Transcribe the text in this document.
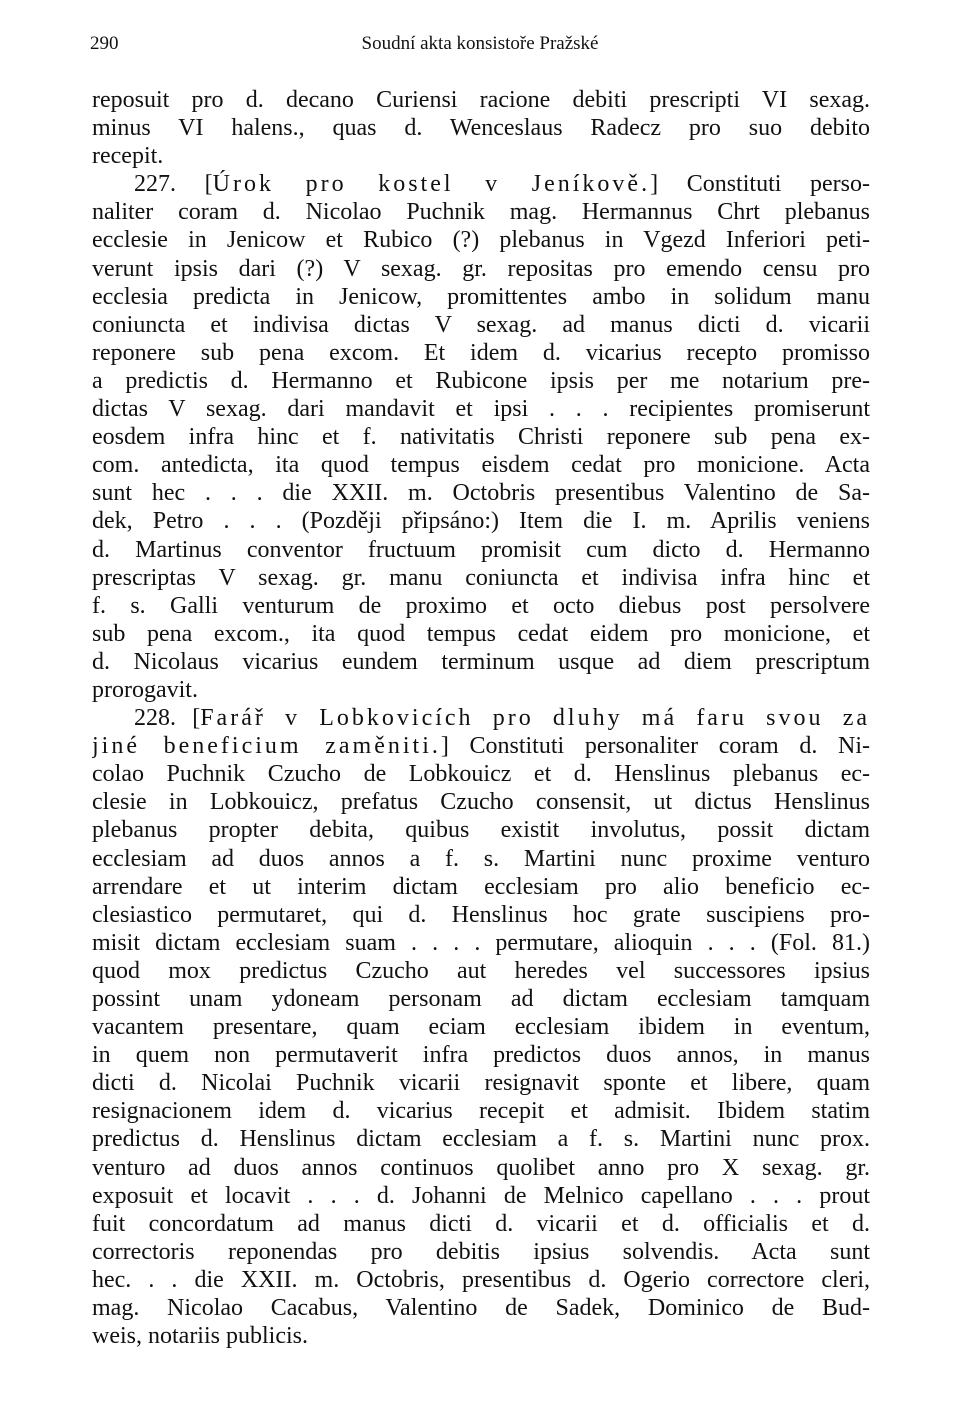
290	Soudní akta konsistoře Pražské
reposuit pro d. decano Curiensi racione debiti prescripti VI sexag.
minus VI halens., quas d. Wenceslaus Radecz pro suo debito
recepit.
227. [Úrok pro kostel v Jeníkově.] Constituti perso-
naliter coram d. Nicolao Puchnik mag. Hermannus Chrt plebanus
ecclesie in Jenicow et Rubico (?) plebanus in Vgezd Inferiori peti-
verunt ipsis dari (?) V sexag. gr. repositas pro emendo censu pro
ecclesia predicta in Jenicow, promittentes ambo in solidum manu
coniuncta et indivisa dictas V sexag. ad manus dicti d. vicarii
reponere sub pena excom. Et idem d. vicarius recepto promisso
a predictis d. Hermanno et Rubicone ipsis per me notarium pre-
dictas V sexag. dari mandavit et ipsi . . . recipientes promiserunt
eosdem infra hinc et f. nativitatis Christi reponere sub pena ex-
com. antedicta, ita quod tempus eisdem cedat pro monicione. Acta
sunt hec . . . die XXII. m. Octobris presentibus Valentino de Sa-
dek, Petro . . . (Později připsáno:) Item die I. m. Aprilis veniens
d. Martinus conventor fructuum promisit cum dicto d. Hermanno
prescriptas V sexag. gr. manu coniuncta et indivisa infra hinc et
f. s. Galli venturum de proximo et octo diebus post persolvere
sub pena excom., ita quod tempus cedat eidem pro monicione, et
d. Nicolaus vicarius eundem terminum usque ad diem prescriptum
prorogavit.
228. [Farář v Lobkovicích pro dluhy má faru svou za
jiné beneficium zaměniti.] Constituti personaliter coram d. Ni-
colao Puchnik Czucho de Lobkouicz et d. Henslinus plebanus ec-
clesie in Lobkouicz, prefatus Czucho consensit, ut dictus Henslinus
plebanus propter debita, quibus existit involutus, possit dictam
ecclesiam ad duos annos a f. s. Martini nunc proxime venturo
arrendare et ut interim dictam ecclesiam pro alio beneficio ec-
clesiastico permutaret, qui d. Henslinus hoc grate suscipiens pro-
misit dictam ecclesiam suam . . . . permutare, alioquin . . . (Fol. 81.)
quod mox predictus Czucho aut heredes vel successores ipsius
possint unam ydoneam personam ad dictam ecclesiam tamquam
vacantem presentare, quam eciam ecclesiam ibidem in eventum,
in quem non permutaverit infra predictos duos annos, in manus
dicti d. Nicolai Puchnik vicarii resignavit sponte et libere, quam
resignacionem idem d. vicarius recepit et admisit. Ibidem statim
predictus d. Henslinus dictam ecclesiam a f. s. Martini nunc prox.
venturo ad duos annos continuos quolibet anno pro X sexag. gr.
exposuit et locavit . . . d. Johanni de Melnico capellano . . . prout
fuit concordatum ad manus dicti d. vicarii et d. officialis et d.
correctoris reponendas pro debitis ipsius solvendis. Acta sunt
hec. . . die XXII. m. Octobris, presentibus d. Ogerio correctore cleri,
mag. Nicolao Cacabus, Valentino de Sadek, Dominico de Bud-
weis, notariis publicis.
